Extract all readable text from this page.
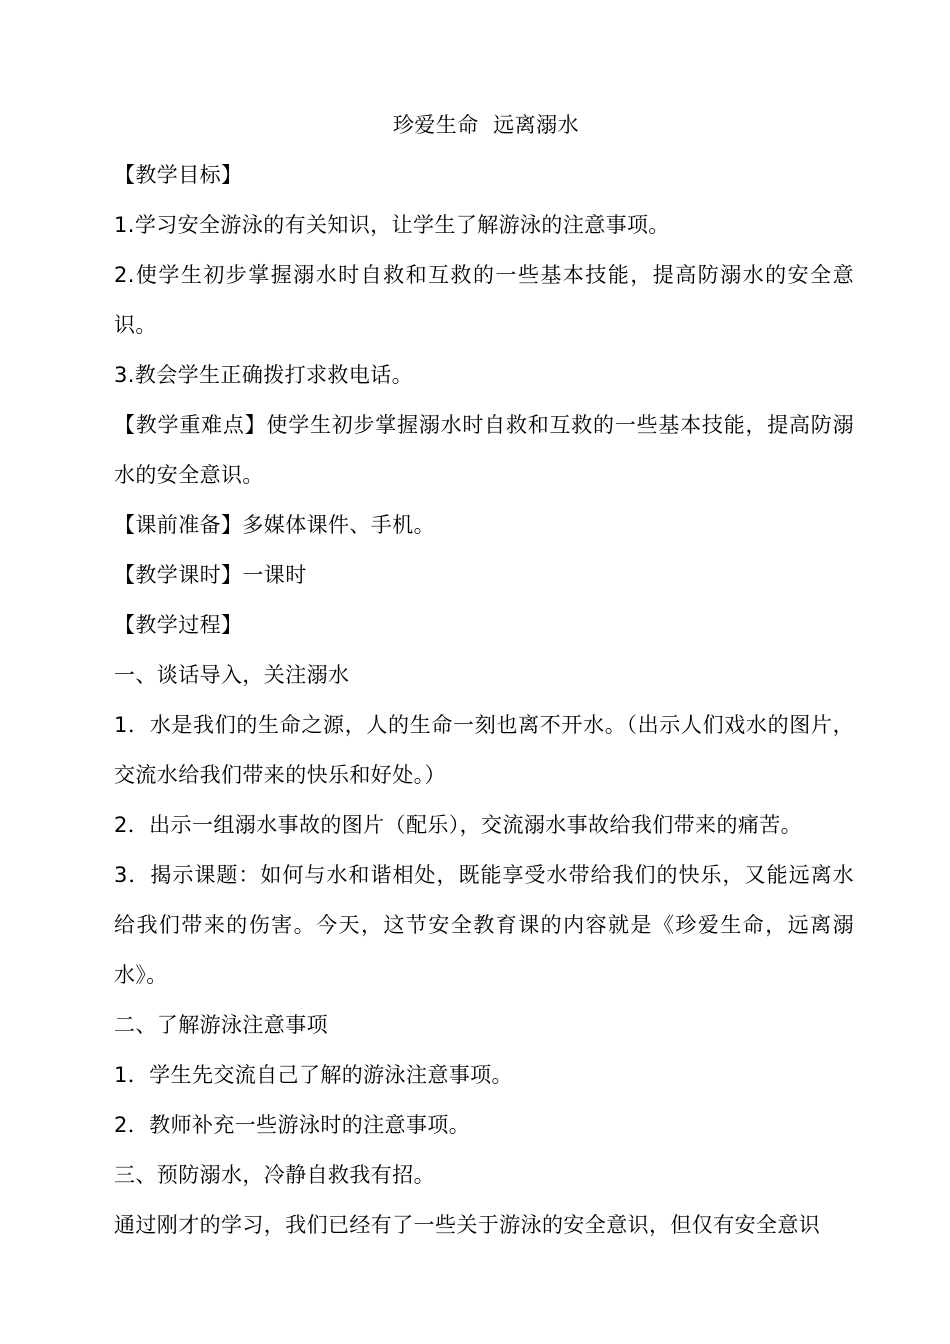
珍爱生命  远离溺水

【教学目标】

1.学习安全游泳的有关知识，让学生了解游泳的注意事项。

2.使学生初步掌握溺水时自救和互救的一些基本技能，提高防溺水的安全意识。

3.教会学生正确拨打求救电话。

【教学重难点】使学生初步掌握溺水时自救和互救的一些基本技能，提高防溺水的安全意识。

【课前准备】多媒体课件、手机。

【教学课时】一课时

【教学过程】

一、谈话导入，关注溺水

1．水是我们的生命之源，人的生命一刻也离不开水。（出示人们戏水的图片，交流水给我们带来的快乐和好处。）

2．出示一组溺水事故的图片（配乐），交流溺水事故给我们带来的痛苦。

3．揭示课题：如何与水和谐相处，既能享受水带给我们的快乐，又能远离水给我们带来的伤害。今天，这节安全教育课的内容就是《珍爱生命，远离溺水》。

二、了解游泳注意事项

1．学生先交流自己了解的游泳注意事项。

2．教师补充一些游泳时的注意事项。

三、预防溺水，冷静自救我有招。

通过刚才的学习，我们已经有了一些关于游泳的安全意识，但仅有安全意识
